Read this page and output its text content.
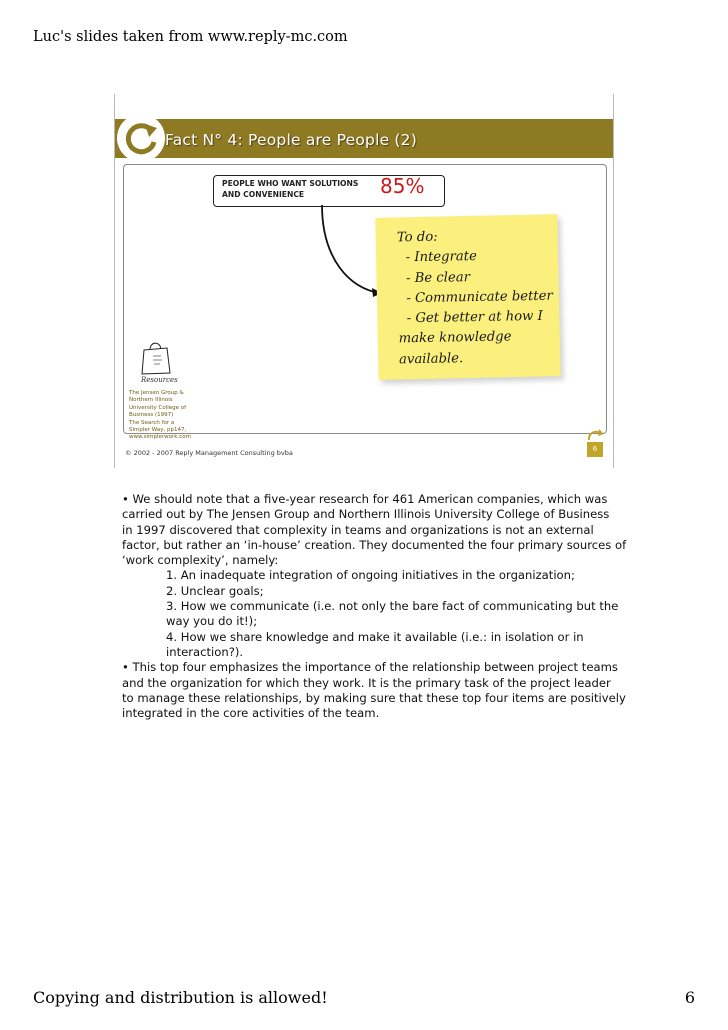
Luc's slides taken from www.reply-mc.com
Fact N° 4: People are People (2)
PEOPLE WHO WANT SOLUTIONS
AND CONVENIENCE	85%
To do:
- Integrate
- Be clear
- Communicate better
- Get better at how I
make knowledge
available.
Resources
The Jensen Group &
Northern Illinois
University College of
Business (1997)
The Search for a
Simpler Way, pp147,
www.simplerwork.com
© 2002 - 2007 Reply Management Consulting bvba	6
• We should note that a five-year research for 461 American companies, which was
carried out by The Jensen Group and Northern Illinois University College of Business
in 1997 discovered that complexity in teams and organizations is not an external
factor, but rather an ‘in-house’ creation. They documented the four primary sources of
‘work complexity’, namely:
1. An inadequate integration of ongoing initiatives in the organization;
2. Unclear goals;
3. How we communicate (i.e. not only the bare fact of communicating but the
way you do it!);
4. How we share knowledge and make it available (i.e.: in isolation or in
interaction?).
• This top four emphasizes the importance of the relationship between project teams
and the organization for which they work. It is the primary task of the project leader
to manage these relationships, by making sure that these top four items are positively
integrated in the core activities of the team.
Copying and distribution is allowed!	6
